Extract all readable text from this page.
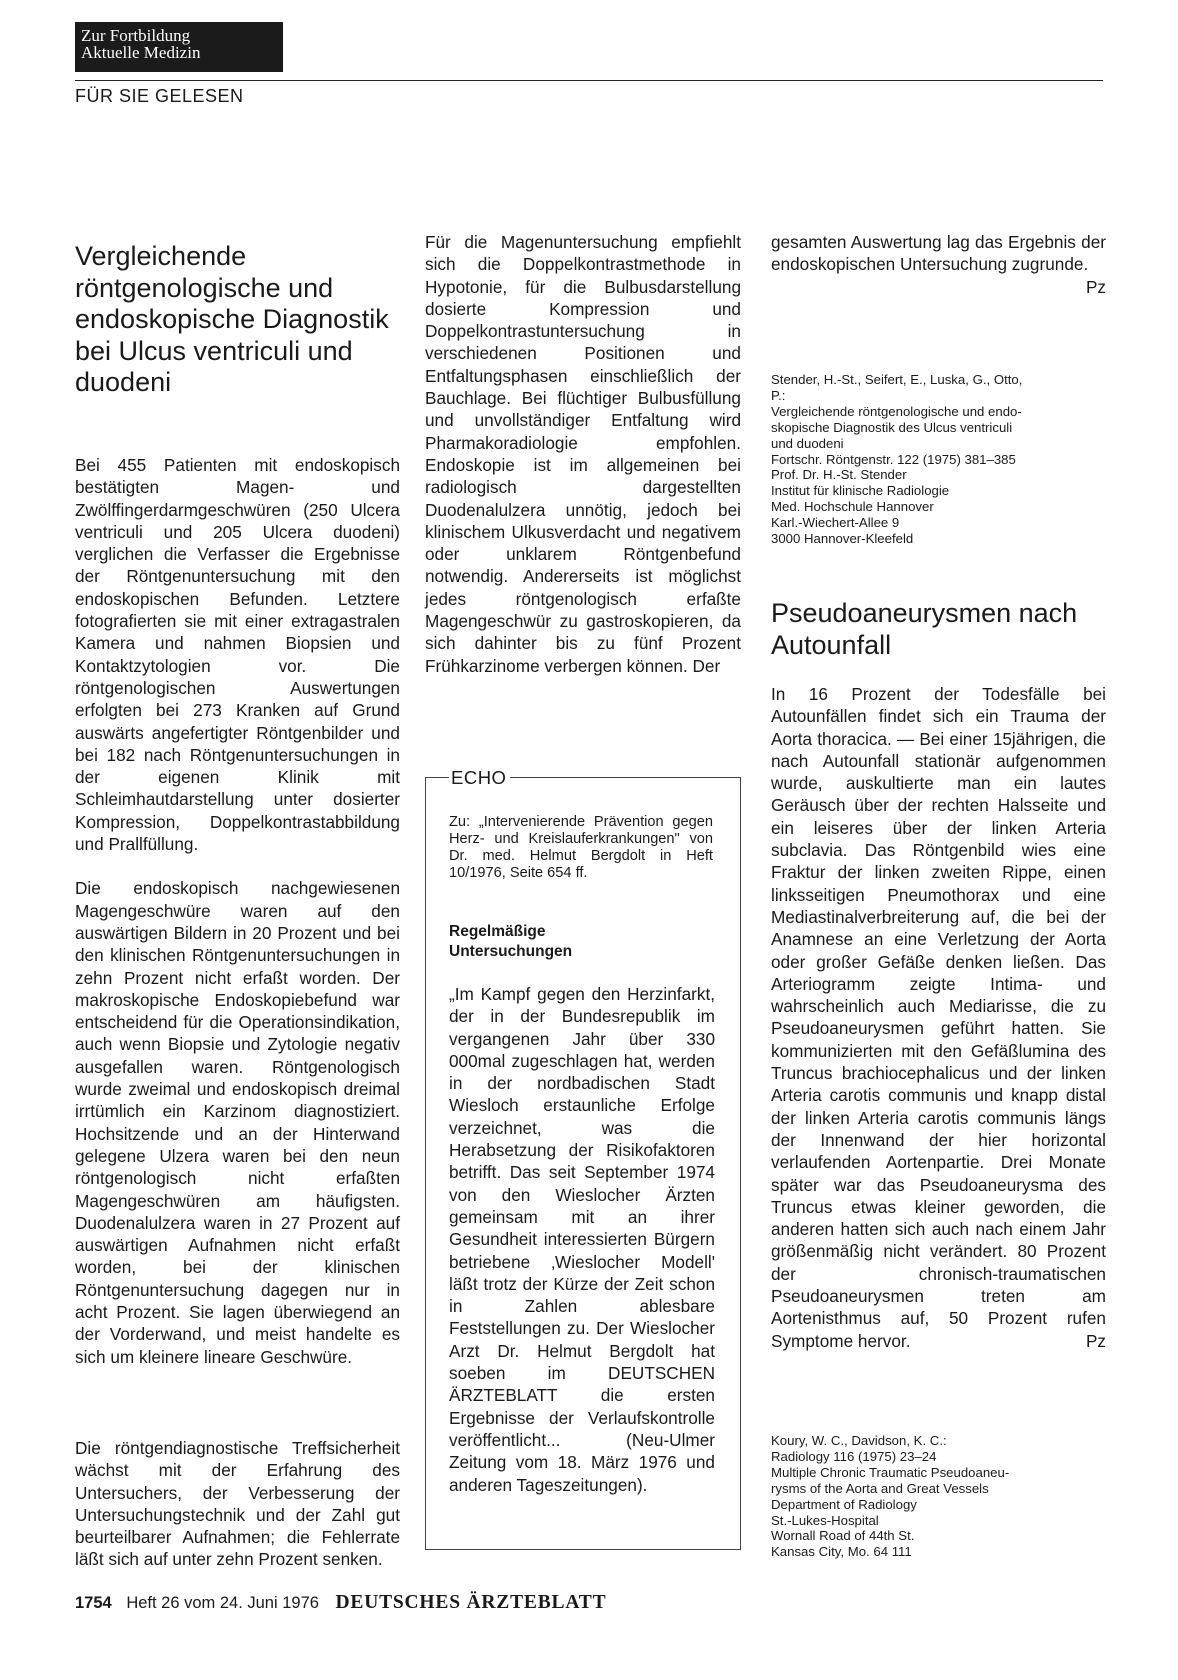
Zur Fortbildung
Aktuelle Medizin
FÜR SIE GELESEN
Vergleichende röntgenologische und endoskopische Diagnostik bei Ulcus ventriculi und duodeni

Bei 455 Patienten mit endoskopisch bestätigten Magen- und Zwölffingerdarmgeschwüren (250 Ulcera ventriculi und 205 Ulcera duodeni) verglichen die Verfasser die Ergebnisse der Röntgenuntersuchung mit den endoskopischen Befunden. Letztere fotografierten sie mit einer extragastralen Kamera und nahmen Biopsien und Kontaktzytologien vor. Die röntgenologischen Auswertungen erfolgten bei 273 Kranken auf Grund auswärts angefertigter Röntgenbilder und bei 182 nach Röntgenuntersuchungen in der eigenen Klinik mit Schleimhautdarstellung unter dosierter Kompression, Doppelkontrastabbildung und Prallfüllung.

Die endoskopisch nachgewiesenen Magengeschwüre waren auf den auswärtigen Bildern in 20 Prozent und bei den klinischen Röntgenuntersuchungen in zehn Prozent nicht erfaßt worden. Der makroskopische Endoskopiebefund war entscheidend für die Operationsindikation, auch wenn Biopsie und Zytologie negativ ausgefallen waren. Röntgenologisch wurde zweimal und endoskopisch dreimal irrtümlich ein Karzinom diagnostiziert. Hochsitzende und an der Hinterwand gelegene Ulzera waren bei den neun röntgenologisch nicht erfaßten Magengeschwüren am häufigsten. Duodenalulzera waren in 27 Prozent auf auswärtigen Aufnahmen nicht erfaßt worden, bei der klinischen Röntgenuntersuchung dagegen nur in acht Prozent. Sie lagen überwiegend an der Vorderwand, und meist handelte es sich um kleinere lineare Geschwüre.

Die röntgendiagnostische Treffsicherheit wächst mit der Erfahrung des Untersuchers, der Verbesserung der Untersuchungstechnik und der Zahl gut beurteilbarer Aufnahmen; die Fehlerrate läßt sich auf unter zehn Prozent senken.

Für die Magenuntersuchung empfiehlt sich die Doppelkontrastmethode in Hypotonie, für die Bulbusdarstellung dosierte Kompression und Doppelkontrastuntersuchung in verschiedenen Positionen und Entfaltungsphasen einschließlich der Bauchlage. Bei flüchtiger Bulbusfüllung und unvollständiger Entfaltung wird Pharmakoradiologie empfohlen. Endoskopie ist im allgemeinen bei radiologisch dargestellten Duodenalulzera unnötig, jedoch bei klinischem Ulkusverdacht und negativem oder unklarem Röntgenbefund notwendig. Andererseits ist möglichst jedes röntgenologisch erfaßte Magengeschwür zu gastroskopieren, da sich dahinter bis zu fünf Prozent Frühkarzinome verbergen können. Der

gesamten Auswertung lag das Ergebnis der endoskopischen Untersuchung zugrunde.
Pz

Stender, H.-St., Seifert, E., Luska, G., Otto,
P.:
Vergleichende röntgenologische und endo-
skopische Diagnostik des Ulcus ventriculi
und duodeni
Fortschr. Röntgenstr. 122 (1975) 381–385
Prof. Dr. H.-St. Stender
Institut für klinische Radiologie
Med. Hochschule Hannover
Karl.-Wiechert-Allee 9
3000 Hannover-Kleefeld
Pseudoaneurysmen nach Autounfall

In 16 Prozent der Todesfälle bei Autounfällen findet sich ein Trauma der Aorta thoracica. — Bei einer 15jährigen, die nach Autounfall stationär aufgenommen wurde, auskultierte man ein lautes Geräusch über der rechten Halsseite und ein leiseres über der linken Arteria subclavia. Das Röntgenbild wies eine Fraktur der linken zweiten Rippe, einen linksseitigen Pneumothorax und eine Mediastinalverbreiterung auf, die bei der Anamnese an eine Verletzung der Aorta oder großer Gefäße denken ließen. Das Arteriogramm zeigte Intima- und wahrscheinlich auch Mediarisse, die zu Pseudoaneurysmen geführt hatten. Sie kommunizierten mit den Gefäßlumina des Truncus brachiocephalicus und der linken Arteria carotis communis und knapp distal der linken Arteria carotis communis längs der Innenwand der hier horizontal verlaufenden Aortenpartie. Drei Monate später war das Pseudoaneurysma des Truncus etwas kleiner geworden, die anderen hatten sich auch nach einem Jahr größenmäßig nicht verändert. 80 Prozent der chronisch-traumatischen Pseudoaneurysmen treten am Aortenisthmus auf, 50 Prozent rufen Symptome hervor.	Pz

Koury, W. C., Davidson, K. C.:
Radiology 116 (1975) 23–24
Multiple Chronic Traumatic Pseudoaneu-
rysms of the Aorta and Great Vessels
Department of Radiology
St.-Lukes-Hospital
Wornall Road of 44th St.
Kansas City, Mo. 64 111
ECHO
Zu: „Intervenierende Prävention gegen Herz- und Kreislauferkrankungen" von Dr. med. Helmut Bergdolt in Heft 10/1976, Seite 654 ff.
Regelmäßige
Untersuchungen
„Im Kampf gegen den Herzinfarkt, der in der Bundesrepublik im vergangenen Jahr über 330 000mal zugeschlagen hat, werden in der nordbadischen Stadt Wiesloch erstaunliche Erfolge verzeichnet, was die Herabsetzung der Risikofaktoren betrifft. Das seit September 1974 von den Wieslocher Ärzten gemeinsam mit an ihrer Gesundheit interessierten Bürgern betriebene ‚Wieslocher Modell' läßt trotz der Kürze der Zeit schon in Zahlen ablesbare Feststellungen zu. Der Wieslocher Arzt Dr. Helmut Bergdolt hat soeben im DEUTSCHEN ÄRZTEBLATT die ersten Ergebnisse der Verlaufskontrolle veröffentlicht... (Neu-Ulmer Zeitung vom 18. März 1976 und anderen Tageszeitungen).
1754 Heft 26 vom 24. Juni 1976 DEUTSCHES ÄRZTEBLATT
